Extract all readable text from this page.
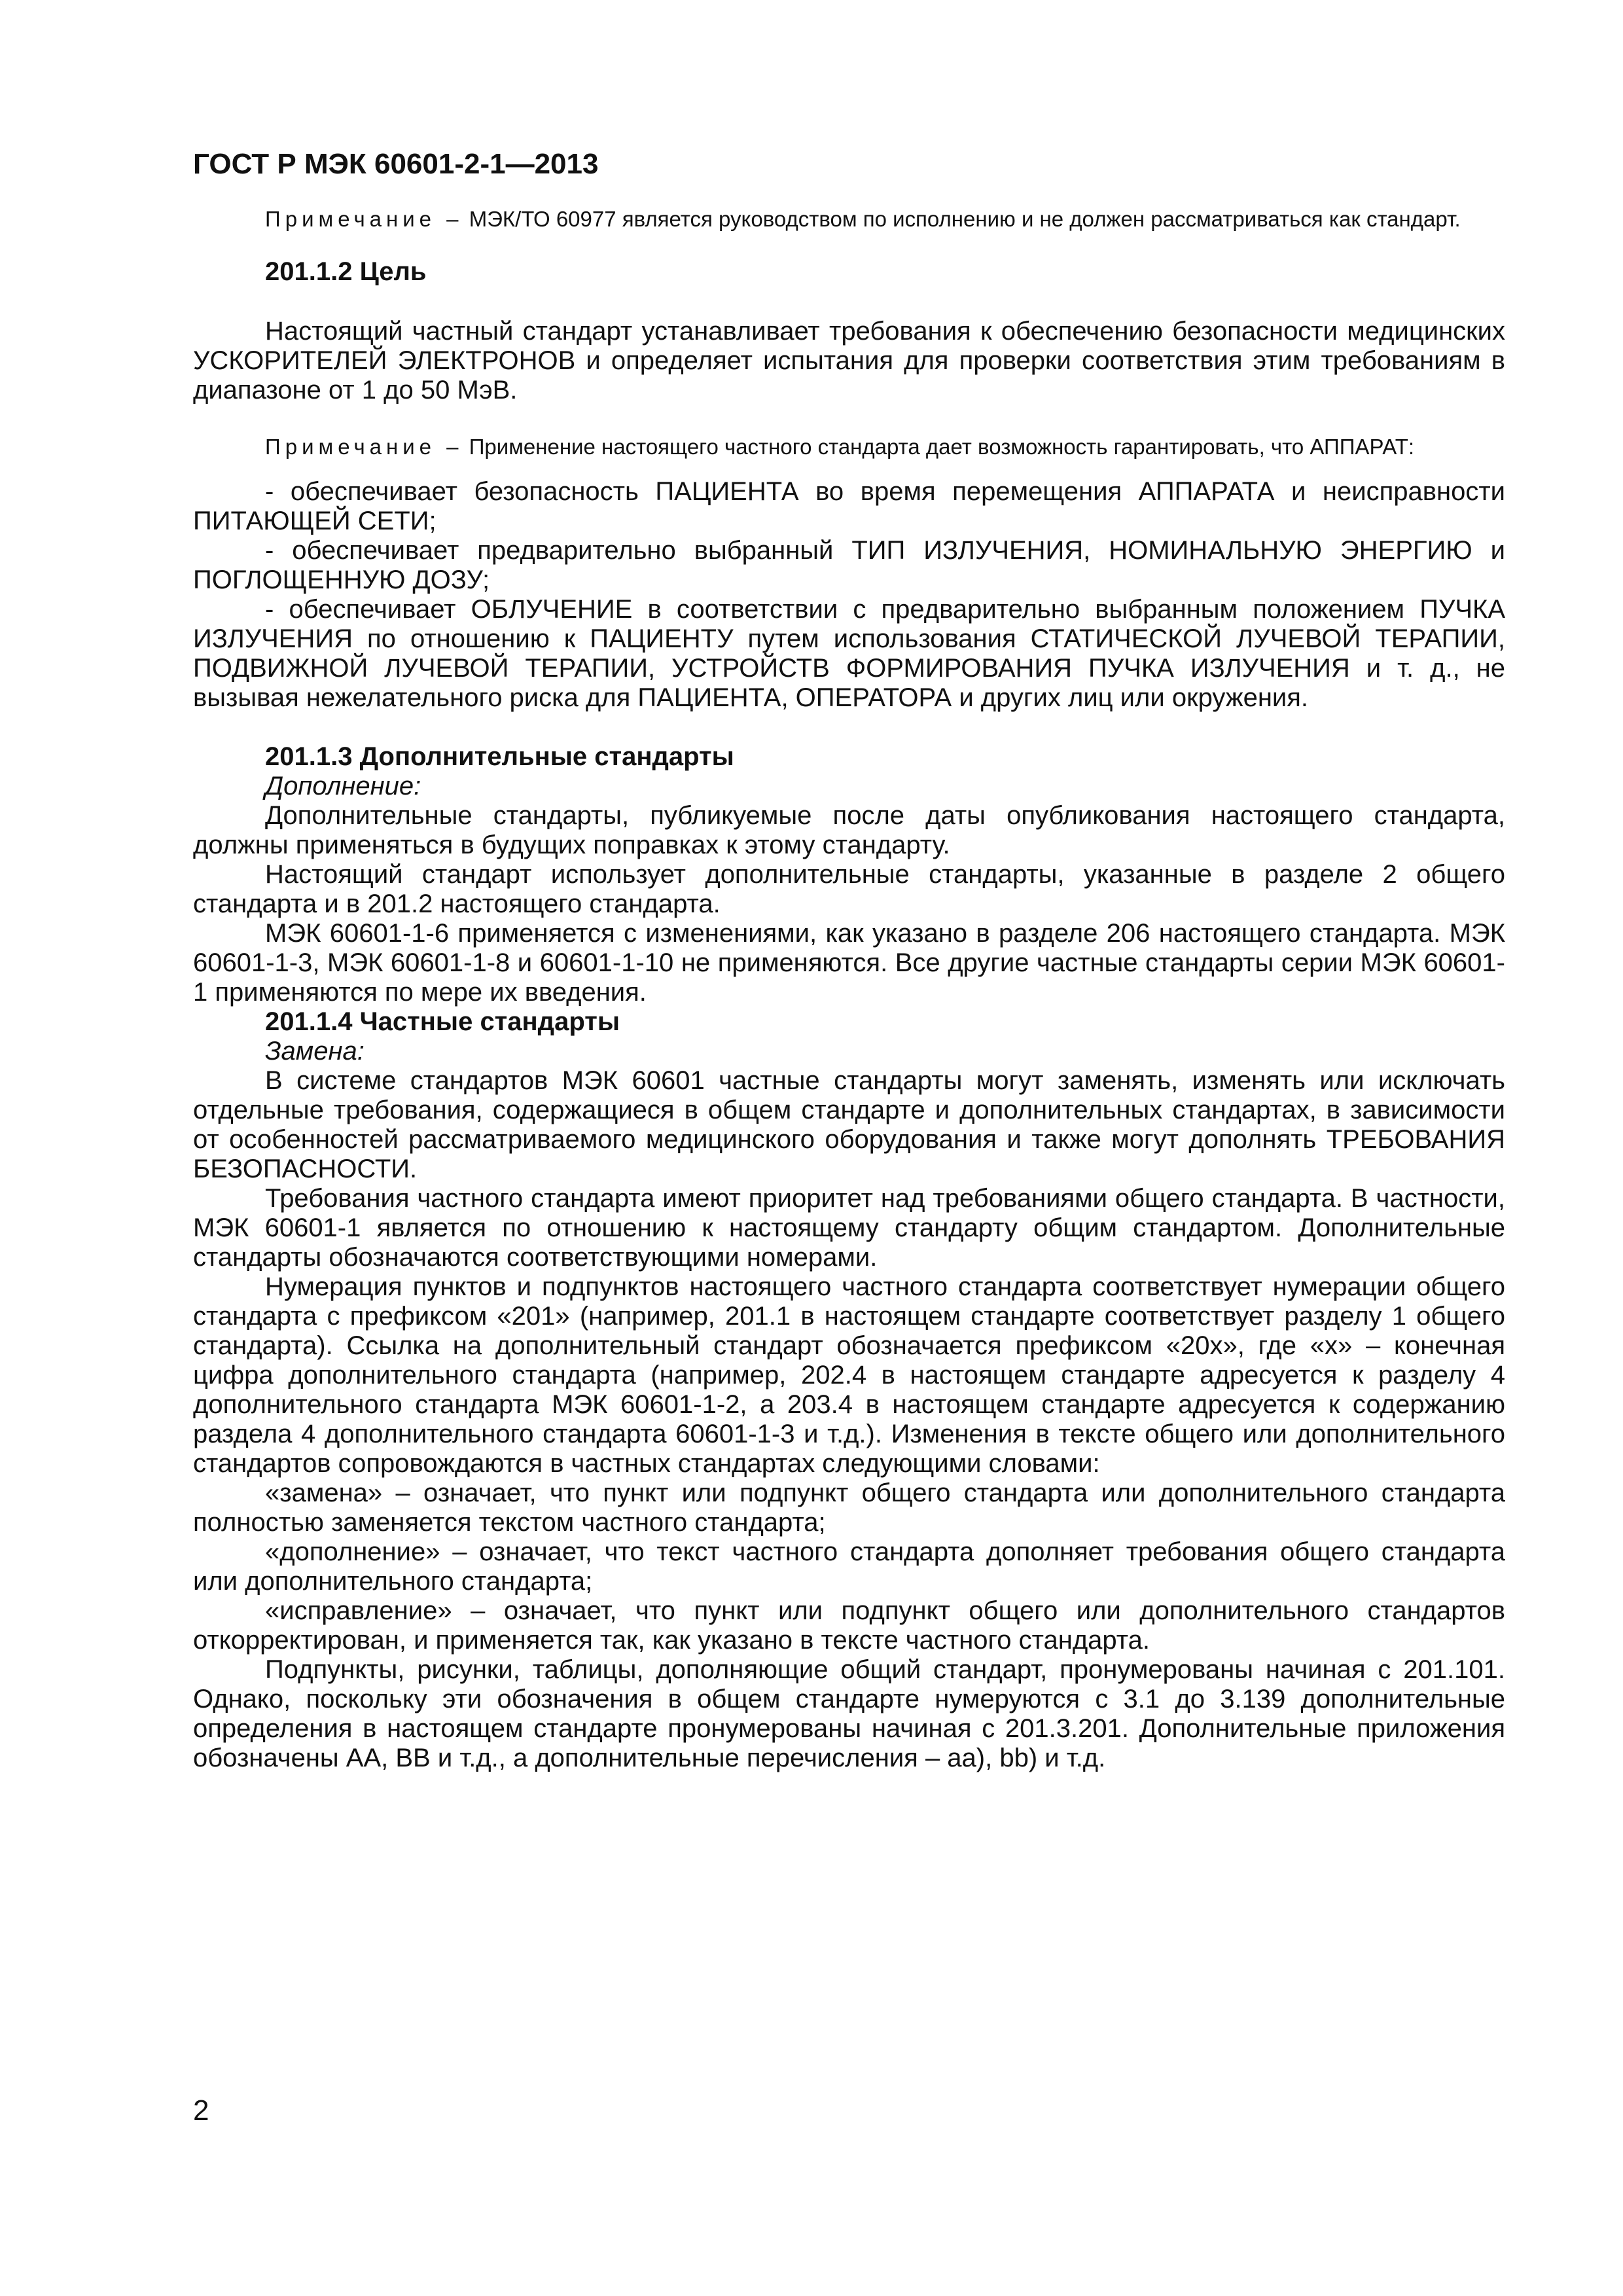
ГОСТ Р МЭК 60601-2-1—2013

Примечание – МЭК/ТО 60977 является руководством по исполнению и не должен рассматриваться как стандарт.

201.1.2 Цель

Настоящий частный стандарт устанавливает требования к обеспечению безопасности медицинских УСКОРИТЕЛЕЙ ЭЛЕКТРОНОВ и определяет испытания для проверки соответствия этим требованиям в диапазоне от 1 до 50 МэВ.

Примечание – Применение настоящего частного стандарта дает возможность гарантировать, что АППАРАТ:

- обеспечивает безопасность ПАЦИЕНТА во время перемещения АППАРАТА и неисправности ПИТАЮЩЕЙ СЕТИ;

- обеспечивает предварительно выбранный ТИП ИЗЛУЧЕНИЯ, НОМИНАЛЬНУЮ ЭНЕРГИЮ и ПОГЛОЩЕННУЮ ДОЗУ;

- обеспечивает ОБЛУЧЕНИЕ в соответствии с предварительно выбранным положением ПУЧКА ИЗЛУЧЕНИЯ по отношению к ПАЦИЕНТУ путем использования СТАТИЧЕСКОЙ ЛУЧЕВОЙ ТЕРАПИИ, ПОДВИЖНОЙ ЛУЧЕВОЙ ТЕРАПИИ, УСТРОЙСТВ ФОРМИРОВАНИЯ ПУЧКА ИЗЛУЧЕНИЯ и т. д., не вызывая нежелательного риска для ПАЦИЕНТА, ОПЕРАТОРА и других лиц или окружения.

201.1.3 Дополнительные стандарты

Дополнение:

Дополнительные стандарты, публикуемые после даты опубликования настоящего стандарта, должны применяться в будущих поправках к этому стандарту.

Настоящий стандарт использует дополнительные стандарты, указанные в разделе 2 общего стандарта и в 201.2 настоящего стандарта.

МЭК 60601-1-6 применяется с изменениями, как указано в разделе 206 настоящего стандарта. МЭК 60601-1-3, МЭК 60601-1-8 и 60601-1-10 не применяются. Все другие частные стандарты серии МЭК 60601-1 применяются по мере их введения.

201.1.4 Частные стандарты

Замена:

В системе стандартов МЭК 60601 частные стандарты могут заменять, изменять или исключать отдельные требования, содержащиеся в общем стандарте и дополнительных стандартах, в зависимости от особенностей рассматриваемого медицинского оборудования и также могут дополнять ТРЕБОВАНИЯ БЕЗОПАСНОСТИ.

Требования частного стандарта имеют приоритет над требованиями общего стандарта. В частности, МЭК 60601-1 является по отношению к настоящему стандарту общим стандартом. Дополнительные стандарты обозначаются соответствующими номерами.

Нумерация пунктов и подпунктов настоящего частного стандарта соответствует нумерации общего стандарта с префиксом «201» (например, 201.1 в настоящем стандарте соответствует разделу 1 общего стандарта). Ссылка на дополнительный стандарт обозначается префиксом «20x», где «x» – конечная цифра дополнительного стандарта (например, 202.4 в настоящем стандарте адресуется к разделу 4 дополнительного стандарта МЭК 60601-1-2, а 203.4 в настоящем стандарте адресуется к содержанию раздела 4 дополнительного стандарта 60601-1-3 и т.д.). Изменения в тексте общего или дополнительного стандартов сопровождаются в частных стандартах следующими словами:

«замена» – означает, что пункт или подпункт общего стандарта или дополнительного стандарта полностью заменяется текстом частного стандарта;

«дополнение» – означает, что текст частного стандарта дополняет требования общего стандарта или дополнительного стандарта;

«исправление» – означает, что пункт или подпункт общего или дополнительного стандартов откорректирован, и применяется так, как указано в тексте частного стандарта.

Подпункты, рисунки, таблицы, дополняющие общий стандарт, пронумерованы начиная с 201.101. Однако, поскольку эти обозначения в общем стандарте нумеруются с 3.1 до 3.139 дополнительные определения в настоящем стандарте пронумерованы начиная с 201.3.201. Дополнительные приложения обозначены АА, ВВ и т.д., а дополнительные перечисления – аа), bb) и т.д.

2
